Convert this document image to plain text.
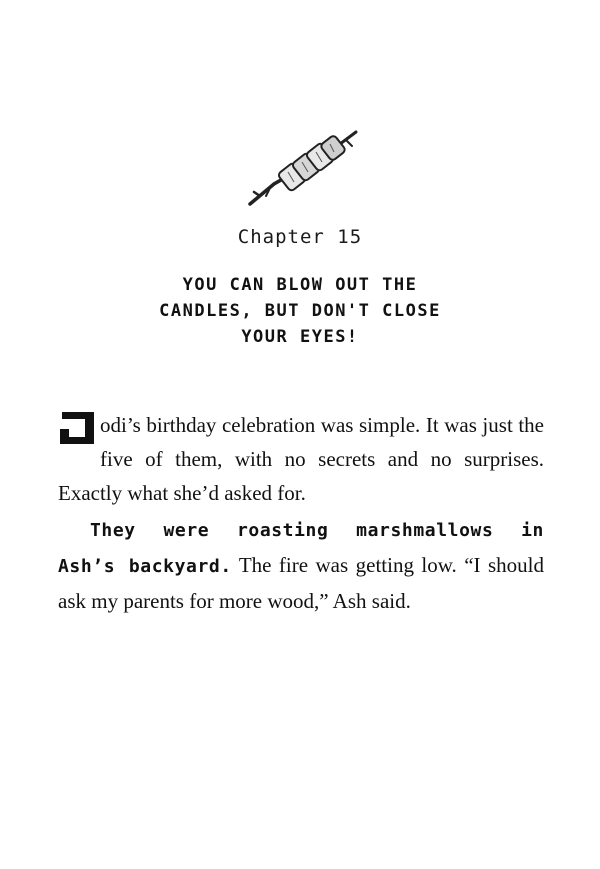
Chapter 15
YOU CAN BLOW OUT THE CANDLES, BUT DON'T CLOSE YOUR EYES!

odi’s birthday celebration was simple. It was just the five of them, with no secrets and no surprises. Exactly what she’d asked for.

They were roasting marshmallows in Ash’s backyard. The fire was getting low. “I should ask my parents for more wood,” Ash said.
